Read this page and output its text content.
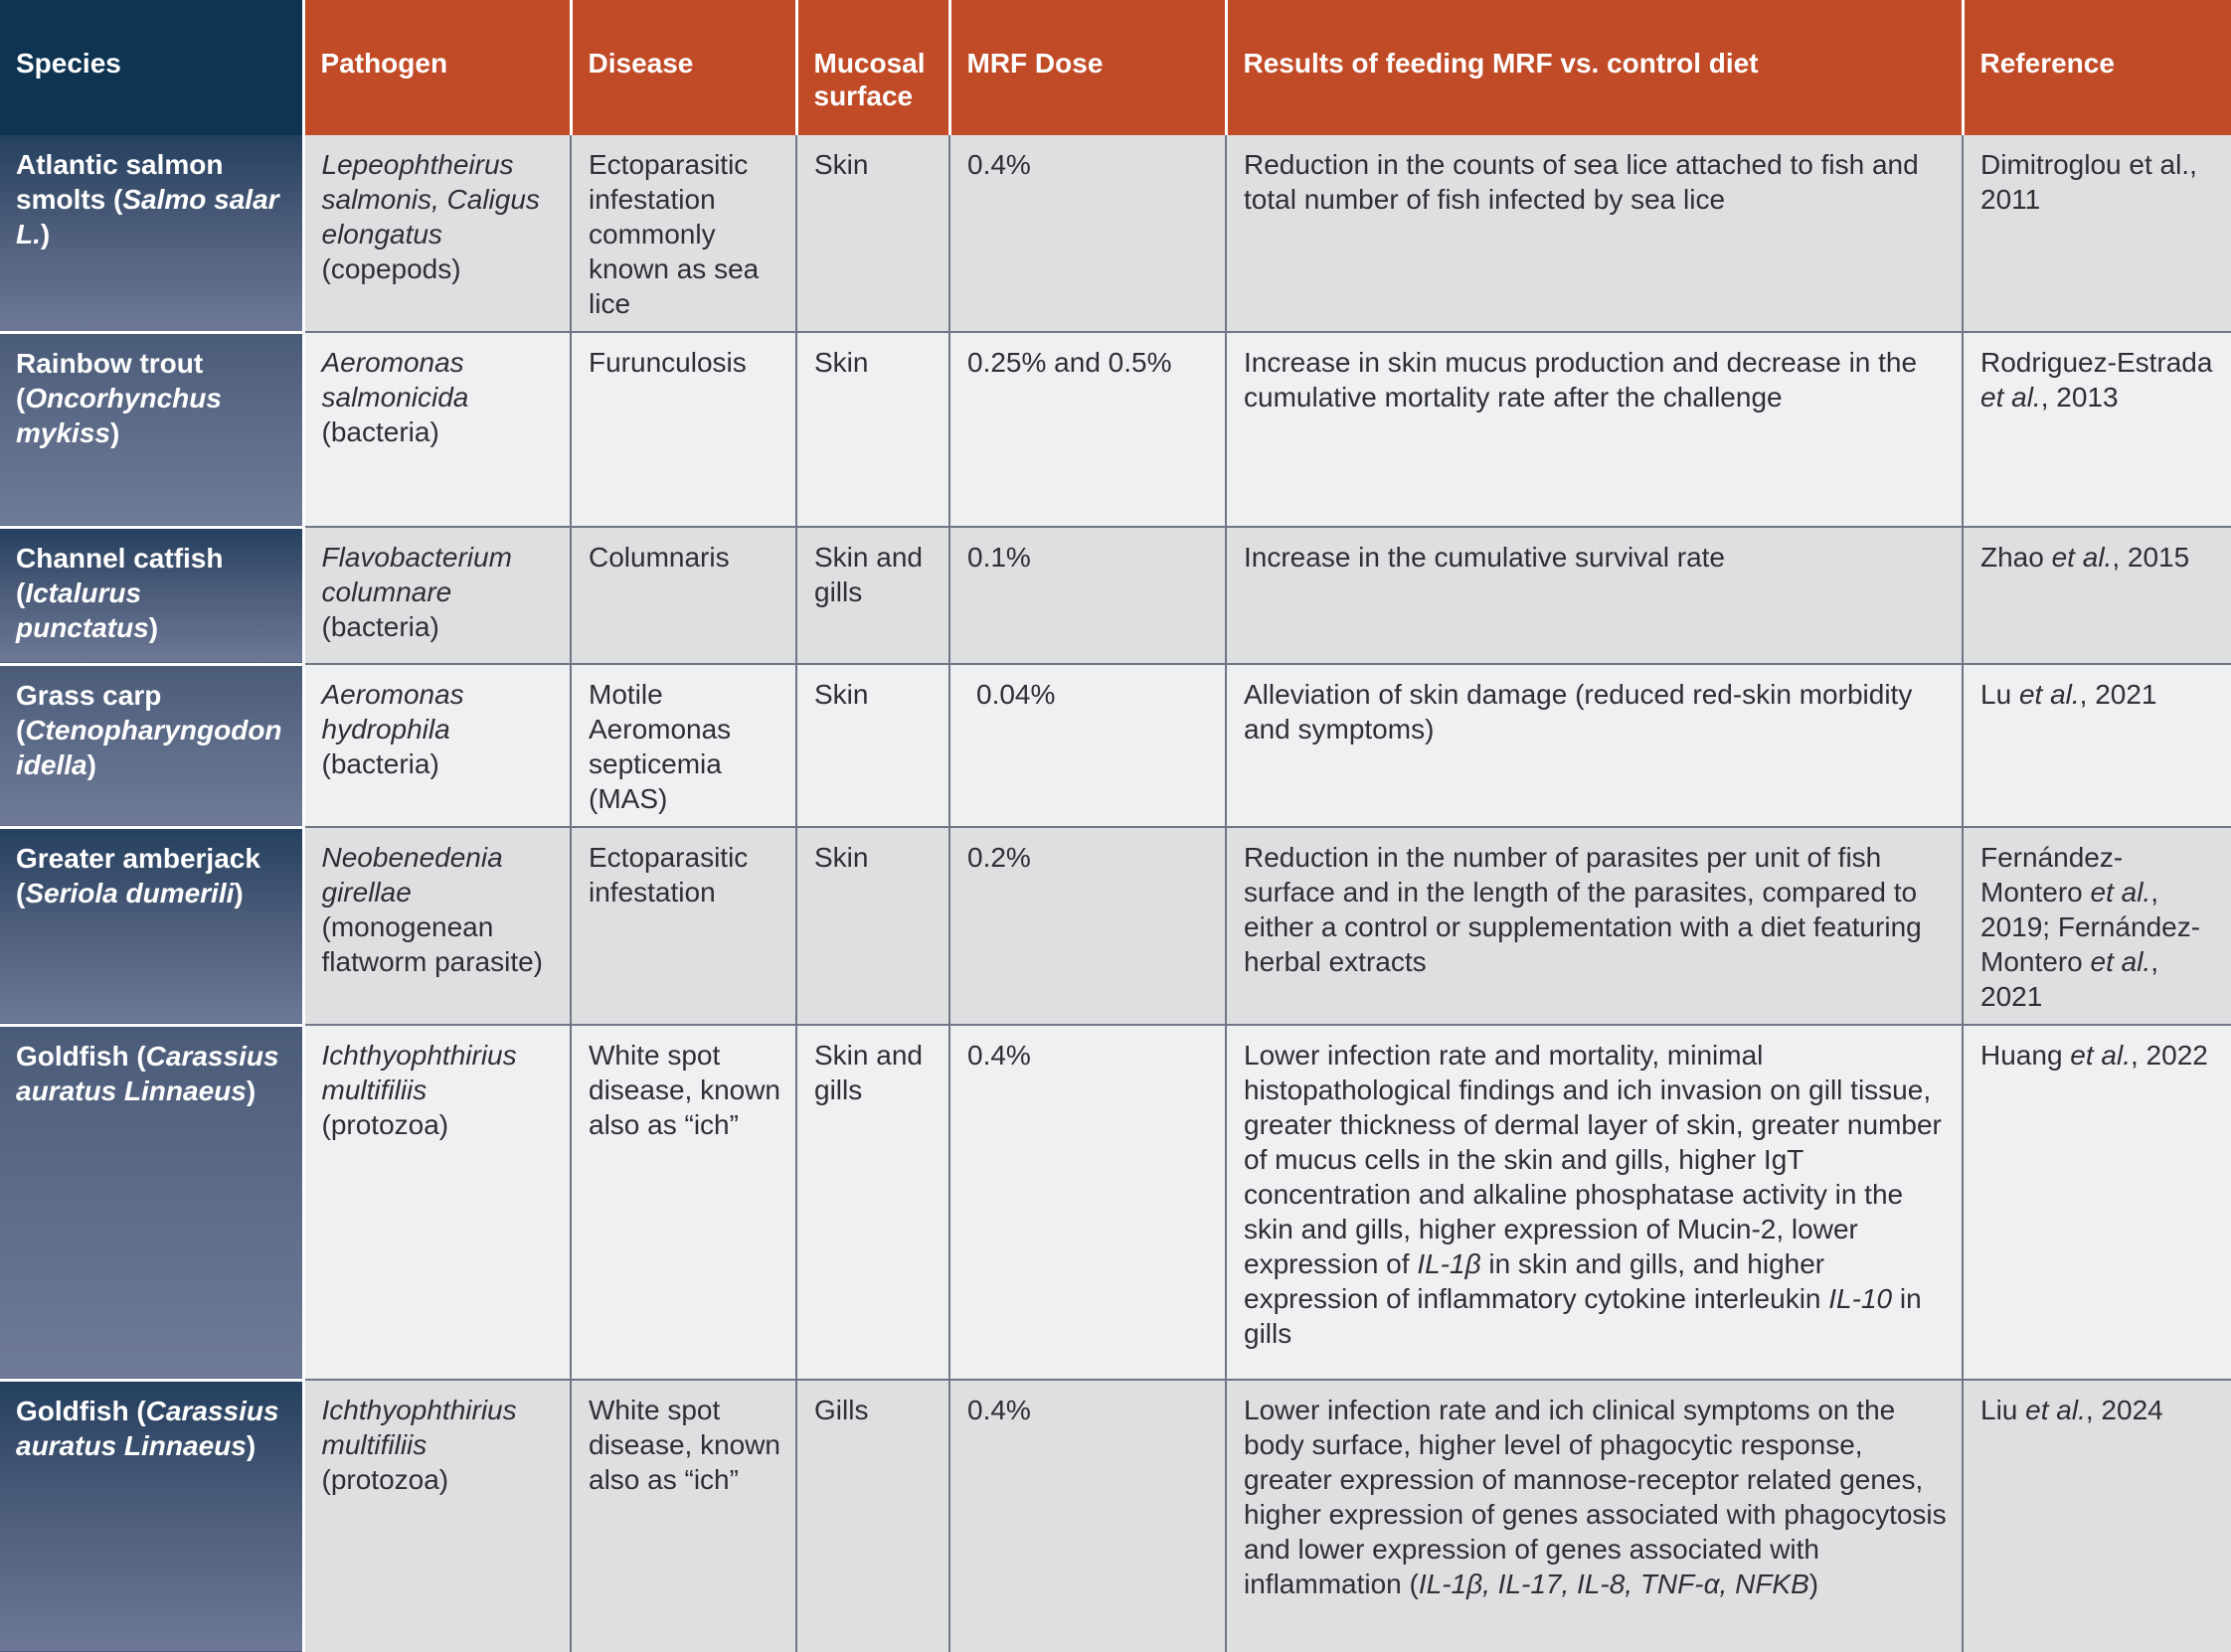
Species	Pathogen	Disease	Mucosal surface	MRF Dose	Results of feeding MRF vs. control diet	Reference
Atlantic salmon smolts (Salmo salar L.)	Lepeophtheirus salmonis, Caligus elongatus (copepods)	Ectoparasitic infestation commonly known as sea lice	Skin	0.4%	Reduction in the counts of sea lice attached to fish and total number of fish infected by sea lice	Dimitroglou et al., 2011
Rainbow trout (Oncorhynchus mykiss)	Aeromonas salmonicida (bacteria)	Furunculosis	Skin	0.25% and 0.5%	Increase in skin mucus production and decrease in the cumulative mortality rate after the challenge	Rodriguez-Estrada et al., 2013
Channel catfish (Ictalurus punctatus)	Flavobacterium columnare (bacteria)	Columnaris	Skin and gills	0.1%	Increase in the cumulative survival rate	Zhao et al., 2015
Grass carp (Ctenopharyngodon idella)	Aeromonas hydrophila (bacteria)	Motile Aeromonas septicemia (MAS)	Skin	0.04%	Alleviation of skin damage (reduced red-skin morbidity and symptoms)	Lu et al., 2021
Greater amberjack (Seriola dumerili)	Neobenedenia girellae (monogenean flatworm parasite)	Ectoparasitic infestation	Skin	0.2%	Reduction in the number of parasites per unit of fish surface and in the length of the parasites, compared to either a control or supplementation with a diet featuring herbal extracts	Fernández-Montero et al., 2019; Fernández-Montero et al., 2021
Goldfish (Carassius auratus Linnaeus)	Ichthyophthirius multifiliis (protozoa)	White spot disease, known also as “ich”	Skin and gills	0.4%	Lower infection rate and mortality, minimal histopathological findings and ich invasion on gill tissue, greater thickness of dermal layer of skin, greater number of mucus cells in the skin and gills, higher IgT concentration and alkaline phosphatase activity in the skin and gills, higher expression of Mucin-2, lower expression of IL-1β in skin and gills, and higher expression of inflammatory cytokine interleukin IL-10 in gills	Huang et al., 2022
Goldfish (Carassius auratus Linnaeus)	Ichthyophthirius multifiliis (protozoa)	White spot disease, known also as “ich”	Gills	0.4%	Lower infection rate and ich clinical symptoms on the body surface, higher level of phagocytic response, greater expression of mannose-receptor related genes, higher expression of genes associated with phagocytosis and lower expression of genes associated with inflammation (IL-1β, IL-17, IL-8, TNF-α, NFKB)	Liu et al., 2024
